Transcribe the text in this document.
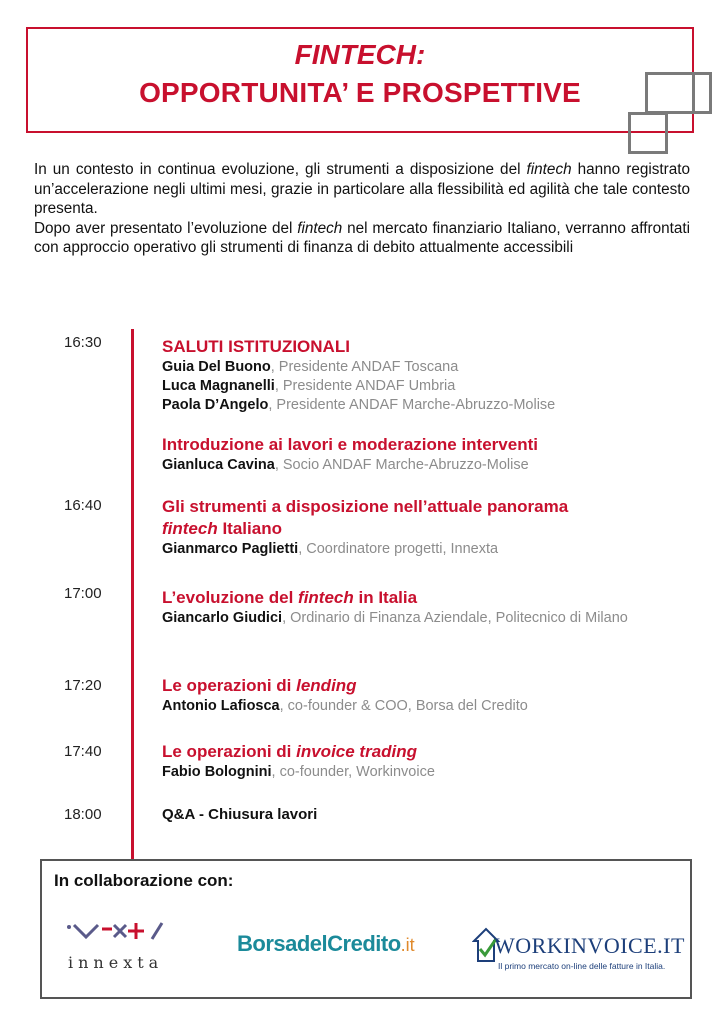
FINTECH:
OPPORTUNITA’ E PROSPETTIVE

In un contesto in continua evoluzione, gli strumenti a disposizione del fintech hanno registrato un’accelerazione negli ultimi mesi, grazie in particolare alla flessibilità ed agilità che tale contesto presenta.

Dopo aver presentato l’evoluzione del fintech nel mercato finanziario Italiano, verranno affrontati con approccio operativo gli strumenti di finanza di debito attualmente accessibili

16:30
16:40
17:00
17:20
17:40
18:00
SALUTI ISTITUZIONALI
Guia Del Buono, Presidente ANDAF Toscana
Luca Magnanelli, Presidente ANDAF Umbria
Paola D’Angelo, Presidente ANDAF Marche-Abruzzo-Molise
Introduzione ai lavori e moderazione interventi
Gianluca Cavina, Socio ANDAF Marche-Abruzzo-Molise
Gli strumenti a disposizione nell’attuale panorama
fintech Italiano
Gianmarco Paglietti, Coordinatore progetti, Innexta
L’evoluzione del fintech in Italia
Giancarlo Giudici, Ordinario di Finanza Aziendale, Politecnico di Milano
Le operazioni di lending
Antonio Lafiosca, co-founder & COO, Borsa del Credito
Le operazioni di invoice trading
Fabio Bolognini, co-founder, Workinvoice
Q&A - Chiusura lavori
In collaborazione con:
innexta
BorsadelCredito.it	WORKINVOICE.IT
Il primo mercato on-line delle fatture in Italia.
